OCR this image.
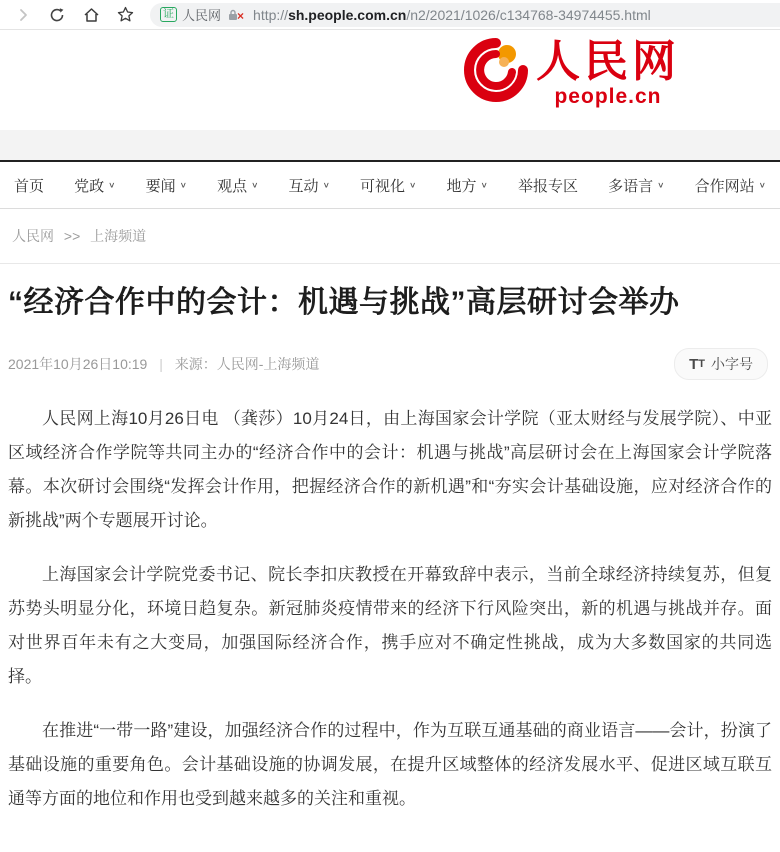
证 人民网 × http://sh.people.com.cn/n2/2021/1026/c134768-34974455.html
人民网
people.cn
首页 党政 ∨ 要闻 ∨ 观点 ∨ 互动 ∨ 可视化 ∨ 地方 ∨ 举报专区 多语言 ∨ 合作网站 ∨
人民网 >> 上海频道
“经济合作中的会计：机遇与挑战”高层研讨会举办
2021年10月26日10:19 | 来源：人民网-上海频道	T T 小字号

人民网上海10月26日电 （龚莎）10月24日，由上海国家会计学院（亚太财经与发展学院）、中亚区域经济合作学院等共同主办的“经济合作中的会计：机遇与挑战”高层研讨会在上海国家会计学院落幕。本次研讨会围绕“发挥会计作用，把握经济合作的新机遇”和“夯实会计基础设施，应对经济合作的新挑战”两个专题展开讨论。

上海国家会计学院党委书记、院长李扣庆教授在开幕致辞中表示，当前全球经济持续复苏，但复苏势头明显分化，环境日趋复杂。新冠肺炎疫情带来的经济下行风险突出，新的机遇与挑战并存。面对世界百年未有之大变局，加强国际经济合作，携手应对不确定性挑战，成为大多数国家的共同选择。

在推进“一带一路”建设，加强经济合作的过程中，作为互联互通基础的商业语言——会计，扮演了基础设施的重要角色。会计基础设施的协调发展，在提升区域整体的经济发展水平、促进区域互联互通等方面的地位和作用也受到越来越多的关注和重视。
